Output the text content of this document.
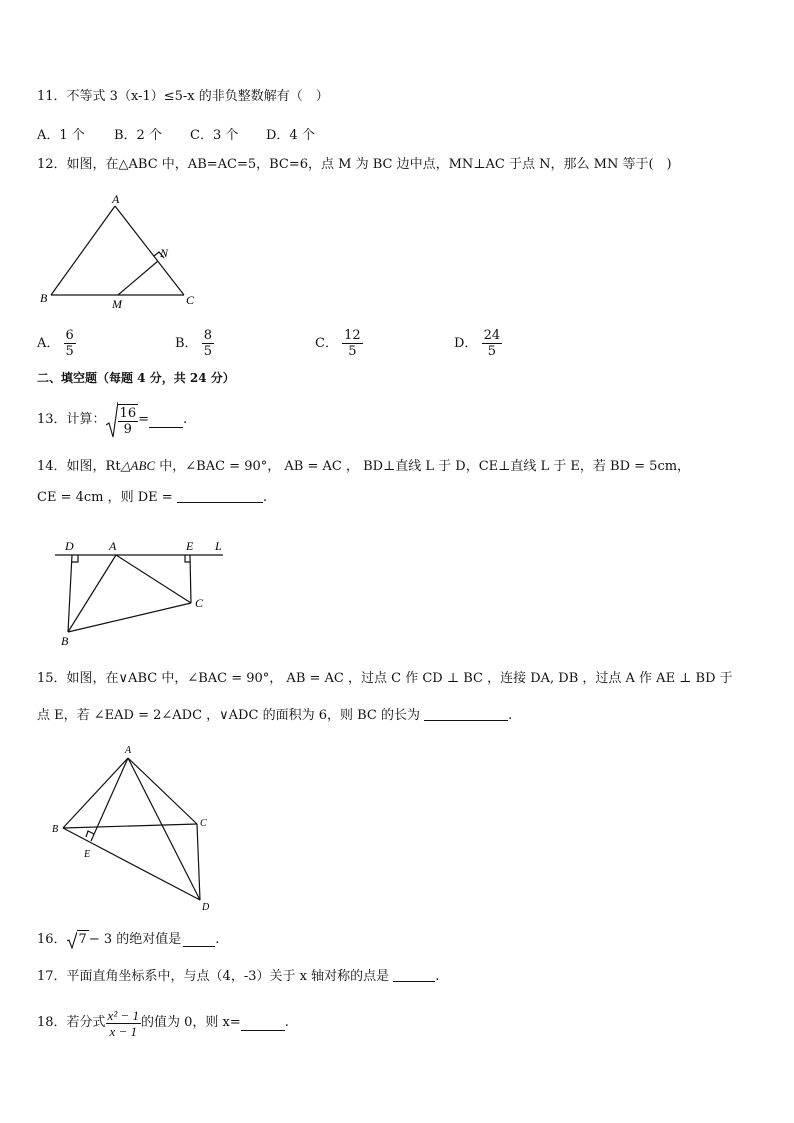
11．不等式 3（x-1）≤5-x 的非负整数解有（　）
A．1 个 B．2 个 C．3 个 D．4 个
12．如图，在△ABC 中，AB=AC=5，BC=6，点 M 为 BC 边中点，MN⊥AC 于点 N，那么 MN 等于(　)
A
B	C
M
N
A． $\frac{6}{5}$	B． $\frac{8}{5}$	C． $\frac{12}{5}$	D． $\frac{24}{5}$
二、填空题（每题 4 分，共 24 分）
13．计算： $\frac{16}{9}$ =	.
14．如图，Rt△ABC 中，∠BAC = 90°， AB = AC ， BD⊥直线 L 于 D，CE⊥直线 L 于 E，若 BD = 5cm，
CE = 4cm ，则 DE =	.
D	A	E L
C
B
15．如图，在∨ABC 中，∠BAC = 90°， AB = AC ，过点 C 作 CD ⊥ BC ，连接 DA, DB ，过点 A 作 AE ⊥ BD 于
点 E，若 ∠EAD = 2∠ADC ，∨ADC 的面积为 6，则 BC 的长为	.
A
B
C
E
D
16． 7 − 3 的绝对值是	.
17．平面直角坐标系中，与点（4，-3）关于 x 轴对称的点是	.
18．若分式 $\frac{\text{x² − 1}}{x - 1}$ 的值为 0，则 x=	.
